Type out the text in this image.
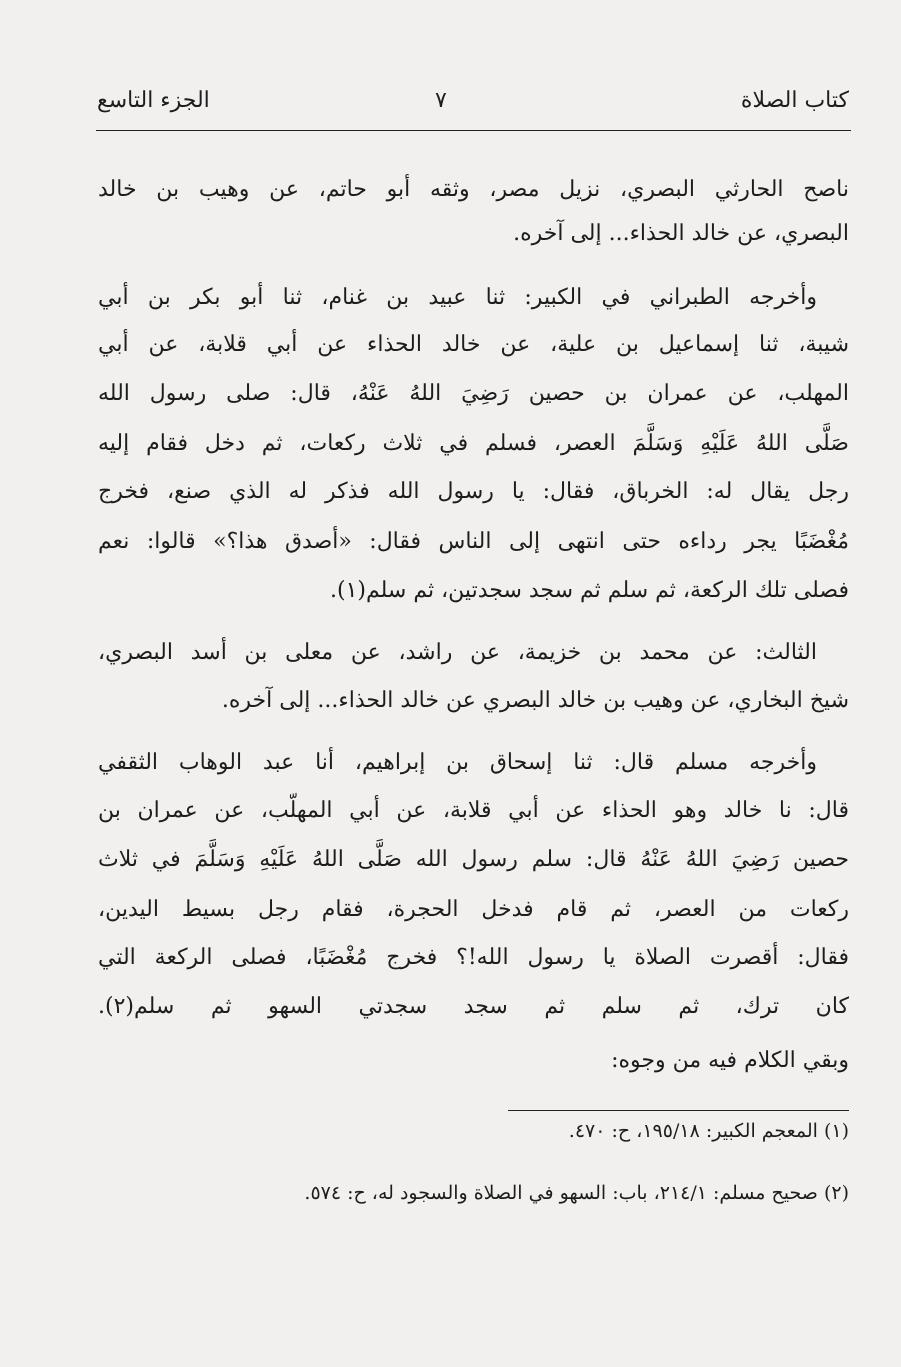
كتاب الصلاة
٧
الجزء التاسع
ناصح الحارثي البصري، نزيل مصر، وثقه أبو حاتم، عن وهيب بن خالد
البصري، عن خالد الحذاء... إلى آخره.
وأخرجه الطبراني في الكبير: ثنا عبيد بن غنام، ثنا أبو بكر بن أبي
شيبة، ثنا إسماعيل بن علية، عن خالد الحذاء عن أبي قلابة، عن أبي
المهلب، عن عمران بن حصين رَضِيَ اللهُ عَنْهُ، قال: صلى رسول الله
صَلَّى اللهُ عَلَيْهِ وَسَلَّمَ العصر، فسلم في ثلاث ركعات، ثم دخل فقام إليه
رجل يقال له: الخرباق، فقال: يا رسول الله فذكر له الذي صنع، فخرج
مُغْضَبًا يجر رداءه حتى انتهى إلى الناس فقال: «أصدق هذا؟» قالوا: نعم
فصلى تلك الركعة، ثم سلم ثم سجد سجدتين، ثم سلم(١).
الثالث: عن محمد بن خزيمة، عن راشد، عن معلى بن أسد البصري،
شيخ البخاري، عن وهيب بن خالد البصري عن خالد الحذاء... إلى آخره.
وأخرجه مسلم قال: ثنا إسحاق بن إبراهيم، أنا عبد الوهاب الثقفي
قال: نا خالد وهو الحذاء عن أبي قلابة، عن أبي المهلّب، عن عمران بن
حصين رَضِيَ اللهُ عَنْهُ قال: سلم رسول الله صَلَّى اللهُ عَلَيْهِ وَسَلَّمَ في ثلاث
ركعات من العصر، ثم قام فدخل الحجرة، فقام رجل بسيط اليدين،
فقال: أقصرت الصلاة يا رسول الله!؟ فخرج مُغْضَبًا، فصلى الركعة التي
كان ترك، ثم سلم ثم سجد سجدتي السهو ثم سلم(٢).
وبقي الكلام فيه من وجوه:
(١) المعجم الكبير: ١٩٥/١٨، ح: ٤٧٠.
(٢) صحيح مسلم: ٢١٤/١، باب: السهو في الصلاة والسجود له، ح: ٥٧٤.
